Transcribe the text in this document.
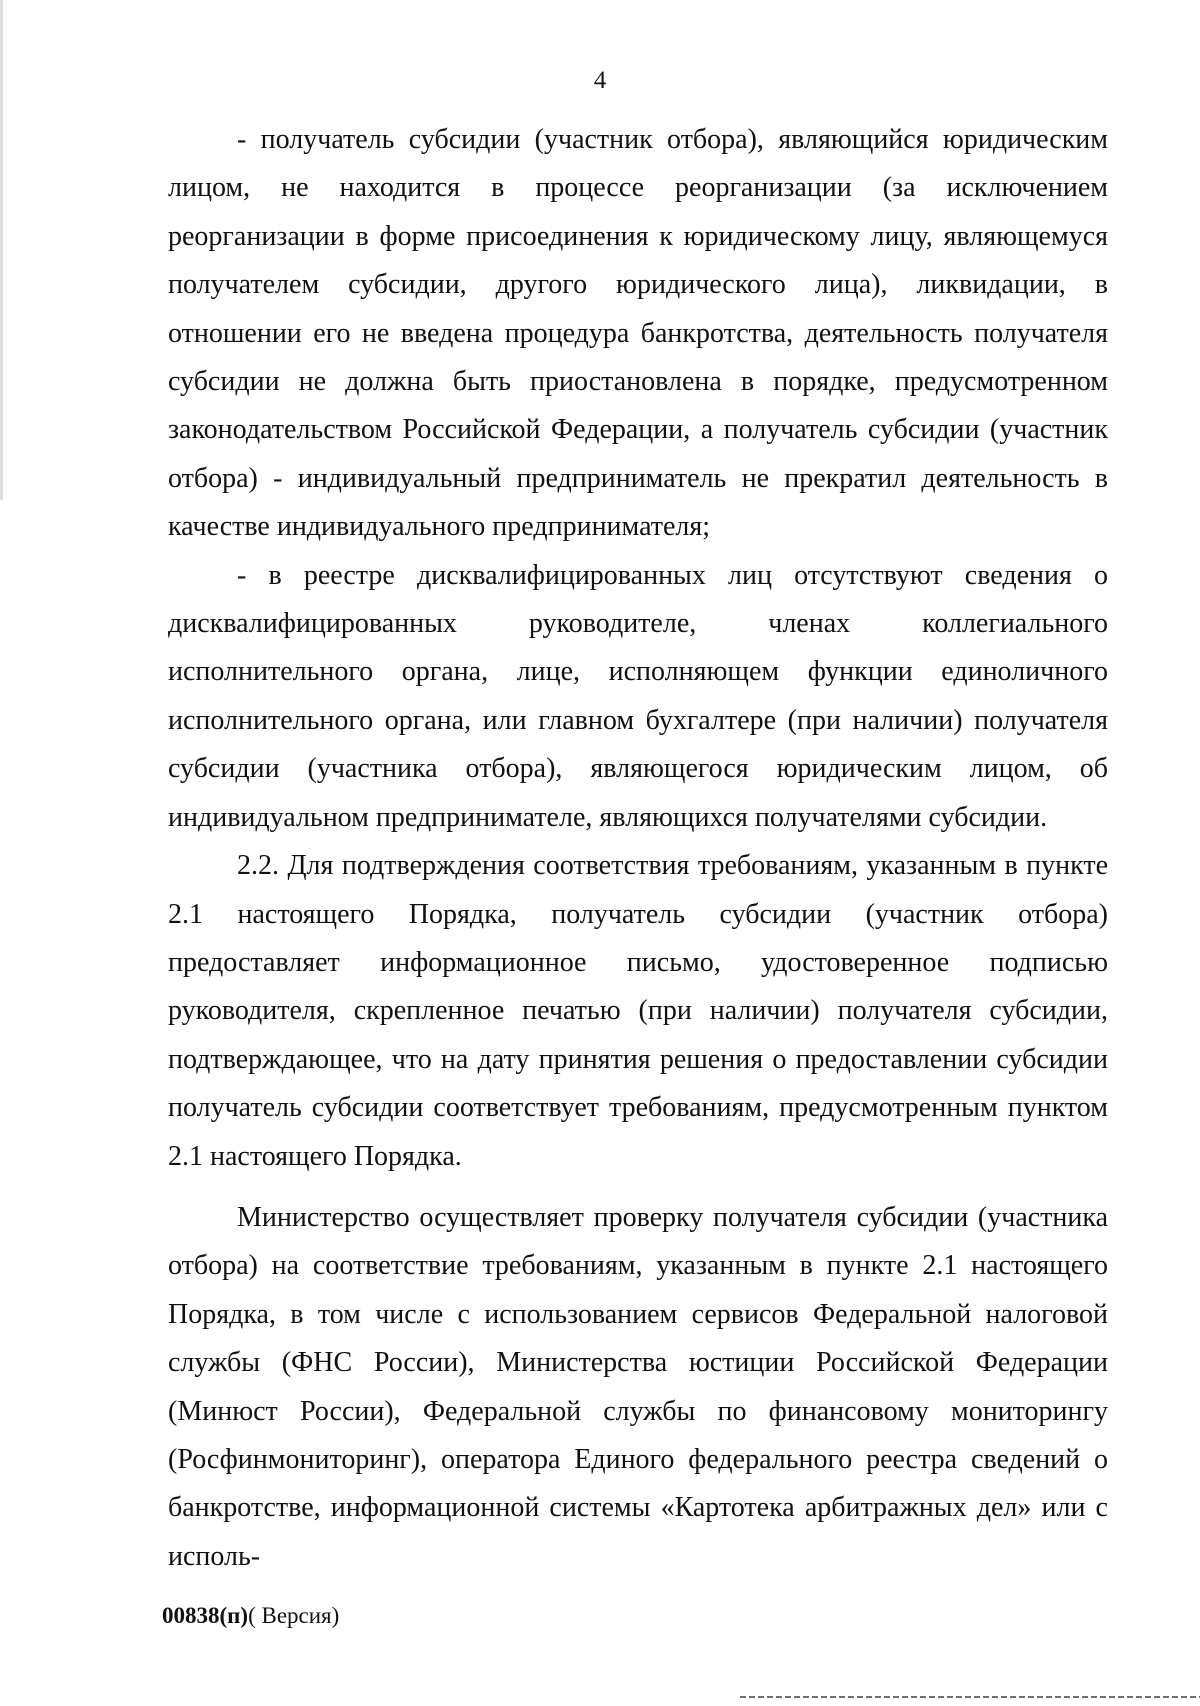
4

- получатель субсидии (участник отбора), являющийся юридическим лицом, не находится в процессе реорганизации (за исключением реорганизации в форме присоединения к юридическому лицу, являющемуся получателем субсидии, другого юридического лица), ликвидации, в отношении его не введена процедура банкротства, деятельность получателя субсидии не должна быть приостановлена в порядке, предусмотренном законодательством Российской Федерации, а получатель субсидии (участник отбора) - индивидуальный предприниматель не прекратил деятельность в качестве индивидуального предпринимателя;

- в реестре дисквалифицированных лиц отсутствуют сведения о дисквалифицированных руководителе, членах коллегиального исполнительного органа, лице, исполняющем функции единоличного исполнительного органа, или главном бухгалтере (при наличии) получателя субсидии (участника отбора), являющегося юридическим лицом, об индивидуальном предпринимателе, являющихся получателями субсидии.

2.2. Для подтверждения соответствия требованиям, указанным в пункте 2.1 настоящего Порядка, получатель субсидии (участник отбора) предоставляет информационное письмо, удостоверенное подписью руководителя, скрепленное печатью (при наличии) получателя субсидии, подтверждающее, что на дату принятия решения о предоставлении субсидии получатель субсидии соответствует требованиям, предусмотренным пунктом 2.1 настоящего Порядка.

Министерство осуществляет проверку получателя субсидии (участника отбора) на соответствие требованиям, указанным в пункте 2.1 настоящего Порядка, в том числе с использованием сервисов Федеральной налоговой службы (ФНС России), Министерства юстиции Российской Федерации (Минюст России), Федеральной службы по финансовому мониторингу (Росфинмониторинг), оператора Единого федерального реестра сведений о банкротстве, информационной системы «Картотека арбитражных дел» или с исполь-

00838(п)( Версия)
